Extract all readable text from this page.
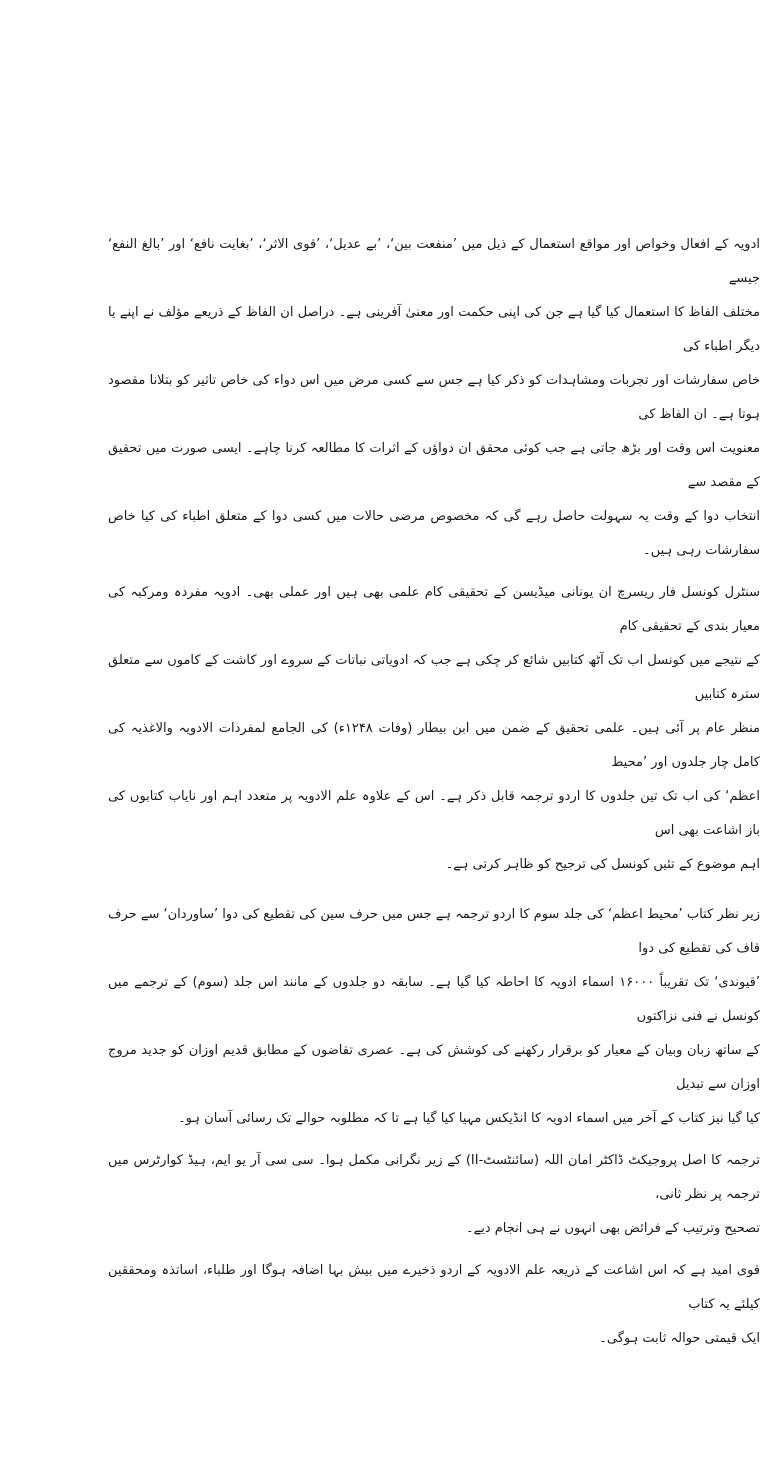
ادویہ کے افعال وخواص اور مواقع استعمال کے ذیل میں ’منفعت بین‘، ’بے عدیل‘، ’قوی الاثر‘، ’بغایت نافع‘ اور ’بالغ النفع‘ جیسے
مختلف الفاظ کا استعمال کیا گیا ہے جن کی اپنی حکمت اور معنیٰ آفرینی ہے۔ دراصل ان الفاظ کے ذریعے مؤلف نے اپنے یا دیگر اطباء کی
خاص سفارشات اور تجربات ومشاہدات کو ذکر کیا ہے جس سے کسی مرض میں اس دواء کی خاص تاثیر کو بتلانا مقصود ہوتا ہے۔ ان الفاظ کی
معنویت اس وقت اور بڑھ جاتی ہے جب کوئی محقق ان دواؤں کے اثرات کا مطالعہ کرنا چاہے۔ ایسی صورت میں تحقیق کے مقصد سے
انتخاب دوا کے وقت یہ سہولت حاصل رہے گی کہ مخصوص مرضی حالات میں کسی دوا کے متعلق اطباء کی کیا خاص سفارشات رہی ہیں۔
سنٹرل کونسل فار ریسرچ ان یونانی میڈیسن کے تحقیقی کام علمی بھی ہیں اور عملی بھی۔ ادویہ مفردہ ومرکبہ کی معیار بندی کے تحقیقی کام
کے نتیجے میں کونسل اب تک آٹھ کتابیں شائع کر چکی ہے جب کہ ادویاتی نباتات کے سروے اور کاشت کے کاموں سے متعلق سترہ کتابیں
منظر عام پر آئی ہیں۔ علمی تحقیق کے ضمن میں ابن بیطار (وفات ۱۲۴۸ء) کی الجامع لمفردات الادویہ والاغذیہ کی کامل چار جلدوں اور ’محیط
اعظم‘ کی اب تک تین جلدوں کا اردو ترجمہ قابل ذکر ہے۔ اس کے علاوہ علم الادویہ پر متعدد اہم اور نایاب کتابوں کی باز اشاعت بھی اس
اہم موضوع کے تئیں کونسل کی ترجیح کو ظاہر کرتی ہے۔
زیر نظر کتاب ’محیط اعظم‘ کی جلد سوم کا اردو ترجمہ ہے جس میں حرف سین کی تقطیع کی دوا ’ساوردان‘ سے حرف قاف کی تقطیع کی دوا
’قیوندی‘ تک تقریباً ۱۶۰۰۰ اسماء ادویہ کا احاطہ کیا گیا ہے۔ سابقہ دو جلدوں کے مانند اس جلد (سوم) کے ترجمے میں کونسل نے فنی نزاکتوں
کے ساتھ زبان وبیان کے معیار کو برقرار رکھنے کی کوشش کی ہے۔ عصری تقاضوں کے مطابق قدیم اوزان کو جدید مروج اوزان سے تبدیل
کیا گیا نیز کتاب کے آخر میں اسماء ادویہ کا انڈیکس مہیا کیا گیا ہے تا کہ مطلوبہ حوالے تک رسائی آسان ہو۔
ترجمہ کا اصل پروجیکٹ ڈاکٹر امان اللہ (سائنٹسٹ-II) کے زیر نگرانی مکمل ہوا۔ سی سی آر یو ایم، ہیڈ کوارٹرس میں ترجمہ پر نظر ثانی،
تصحیح وترتیب کے فرائض بھی انہوں نے ہی انجام دیے۔
قوی امید ہے کہ اس اشاعت کے ذریعہ علم الادویہ کے اردو ذخیرے میں بیش بہا اضافہ ہوگا اور طلباء، اساتذہ ومحققین کیلئے یہ کتاب
ایک قیمتی حوالہ ثابت ہوگی۔
